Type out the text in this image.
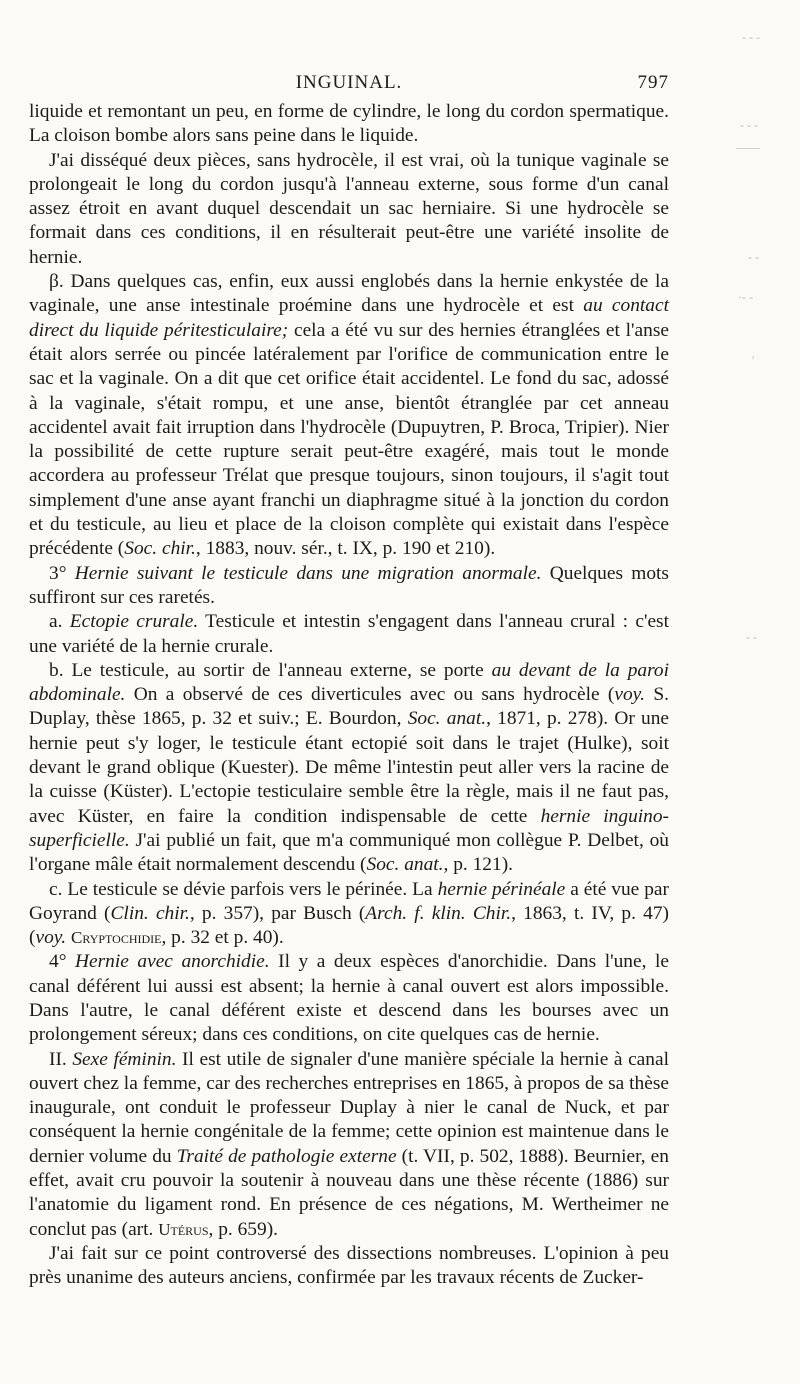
INGUINAL.	797

liquide et remontant un peu, en forme de cylindre, le long du cordon spermatique. La cloison bombe alors sans peine dans le liquide.

J'ai disséqué deux pièces, sans hydrocèle, il est vrai, où la tunique vaginale se prolongeait le long du cordon jusqu'à l'anneau externe, sous forme d'un canal assez étroit en avant duquel descendait un sac herniaire. Si une hydrocèle se formait dans ces conditions, il en résulterait peut-être une variété insolite de hernie.

β. Dans quelques cas, enfin, eux aussi englobés dans la hernie enkystée de la vaginale, une anse intestinale proémine dans une hydrocèle et est au contact direct du liquide péritesticulaire; cela a été vu sur des hernies étranglées et l'anse était alors serrée ou pincée latéralement par l'orifice de communication entre le sac et la vaginale. On a dit que cet orifice était accidentel. Le fond du sac, adossé à la vaginale, s'était rompu, et une anse, bientôt étranglée par cet anneau accidentel avait fait irruption dans l'hydrocèle (Dupuytren, P. Broca, Tripier). Nier la possibilité de cette rupture serait peut-être exagéré, mais tout le monde accordera au professeur Trélat que presque toujours, sinon toujours, il s'agit tout simplement d'une anse ayant franchi un diaphragme situé à la jonction du cordon et du testicule, au lieu et place de la cloison complète qui existait dans l'espèce précédente (Soc. chir., 1883, nouv. sér., t. IX, p. 190 et 210).

3° Hernie suivant le testicule dans une migration anormale. Quelques mots suffiront sur ces raretés.

a. Ectopie crurale. Testicule et intestin s'engagent dans l'anneau crural : c'est une variété de la hernie crurale.

b. Le testicule, au sortir de l'anneau externe, se porte au devant de la paroi abdominale. On a observé de ces diverticules avec ou sans hydrocèle (voy. S. Duplay, thèse 1865, p. 32 et suiv.; E. Bourdon, Soc. anat., 1871, p. 278). Or une hernie peut s'y loger, le testicule étant ectopié soit dans le trajet (Hulke), soit devant le grand oblique (Kuester). De même l'intestin peut aller vers la racine de la cuisse (Küster). L'ectopie testiculaire semble être la règle, mais il ne faut pas, avec Küster, en faire la condition indispensable de cette hernie inguino-superficielle. J'ai publié un fait, que m'a communiqué mon collègue P. Delbet, où l'organe mâle était normalement descendu (Soc. anat., p. 121).

c. Le testicule se dévie parfois vers le périnée. La hernie périnéale a été vue par Goyrand (Clin. chir., p. 357), par Busch (Arch. f. klin. Chir., 1863, t. IV, p. 47) (voy. Cryptochidie, p. 32 et p. 40).

4° Hernie avec anorchidie. Il y a deux espèces d'anorchidie. Dans l'une, le canal déférent lui aussi est absent; la hernie à canal ouvert est alors impossible. Dans l'autre, le canal déférent existe et descend dans les bourses avec un prolongement séreux; dans ces conditions, on cite quelques cas de hernie.

II. Sexe féminin. Il est utile de signaler d'une manière spéciale la hernie à canal ouvert chez la femme, car des recherches entreprises en 1865, à propos de sa thèse inaugurale, ont conduit le professeur Duplay à nier le canal de Nuck, et par conséquent la hernie congénitale de la femme; cette opinion est maintenue dans le dernier volume du Traité de pathologie externe (t. VII, p. 502, 1888). Beurnier, en effet, avait cru pouvoir la soutenir à nouveau dans une thèse récente (1886) sur l'anatomie du ligament rond. En présence de ces négations, M. Wertheimer ne conclut pas (art. Utérus, p. 659).

J'ai fait sur ce point controversé des dissections nombreuses. L'opinion à peu près unanime des auteurs anciens, confirmée par les travaux récents de Zucker-

- - -
- - -
——
- -
·- -
ʹ
- -
